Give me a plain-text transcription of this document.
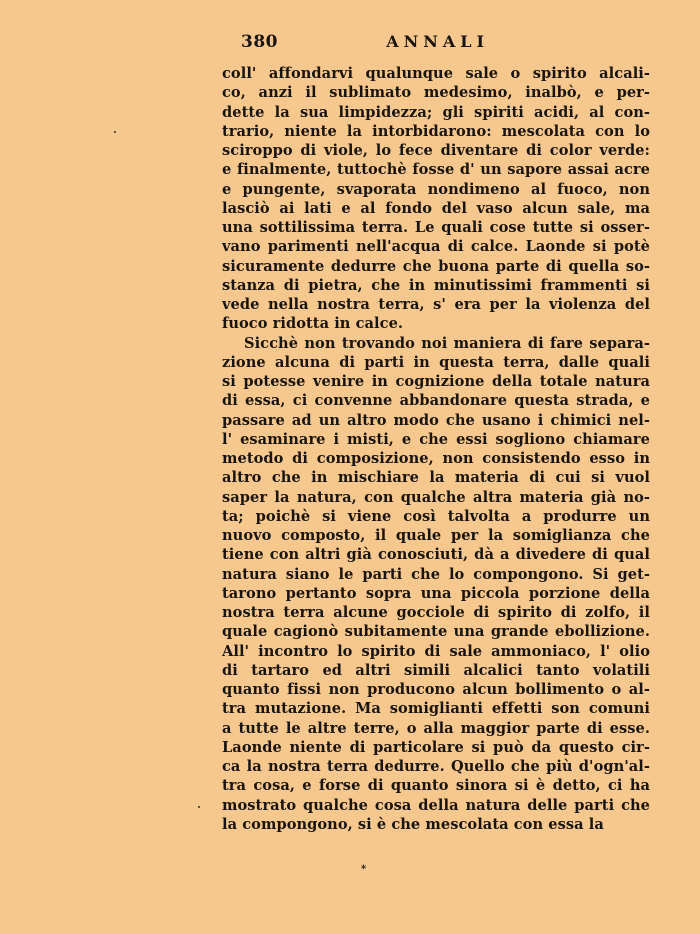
380	ANNALI
coll' affondarvi qualunque sale o spirito alcali-
co, anzi il sublimato medesimo, inalbò, e per-
dette la sua limpidezza; gli spiriti acidi, al con-
trario, niente la intorbidarono: mescolata con lo
sciroppo di viole, lo fece diventare di color verde:
e finalmente, tuttochè fosse d' un sapore assai acre
e pungente, svaporata nondimeno al fuoco, non
lasciò ai lati e al fondo del vaso alcun sale, ma
una sottilissima terra. Le quali cose tutte si osser-
vano parimenti nell'acqua di calce. Laonde si potè
sicuramente dedurre che buona parte di quella so-
stanza di pietra, che in minutissimi frammenti si
vede nella nostra terra, s' era per la violenza del
fuoco ridotta in calce.
Sicchè non trovando noi maniera di fare separa-
zione alcuna di parti in questa terra, dalle quali
si potesse venire in cognizione della totale natura
di essa, ci convenne abbandonare questa strada, e
passare ad un altro modo che usano i chimici nel-
l' esaminare i misti, e che essi sogliono chiamare
metodo di composizione, non consistendo esso in
altro che in mischiare la materia di cui si vuol
saper la natura, con qualche altra materia già no-
ta; poichè si viene così talvolta a produrre un
nuovo composto, il quale per la somiglianza che
tiene con altri già conosciuti, dà a divedere di qual
natura siano le parti che lo compongono. Si get-
tarono pertanto sopra una piccola porzione della
nostra terra alcune gocciole di spirito di zolfo, il
quale cagionò subitamente una grande ebollizione.
All' incontro lo spirito di sale ammoniaco, l' olio
di tartaro ed altri simili alcalici tanto volatili
quanto fissi non producono alcun bollimento o al-
tra mutazione. Ma somiglianti effetti son comuni
a tutte le altre terre, o alla maggior parte di esse.
Laonde niente di particolare si può da questo cir-
ca la nostra terra dedurre. Quello che più d'ogn'al-
tra cosa, e forse di quanto sinora si è detto, ci ha
mostrato qualche cosa della natura delle parti che
la compongono, si è che mescolata con essa la
*
